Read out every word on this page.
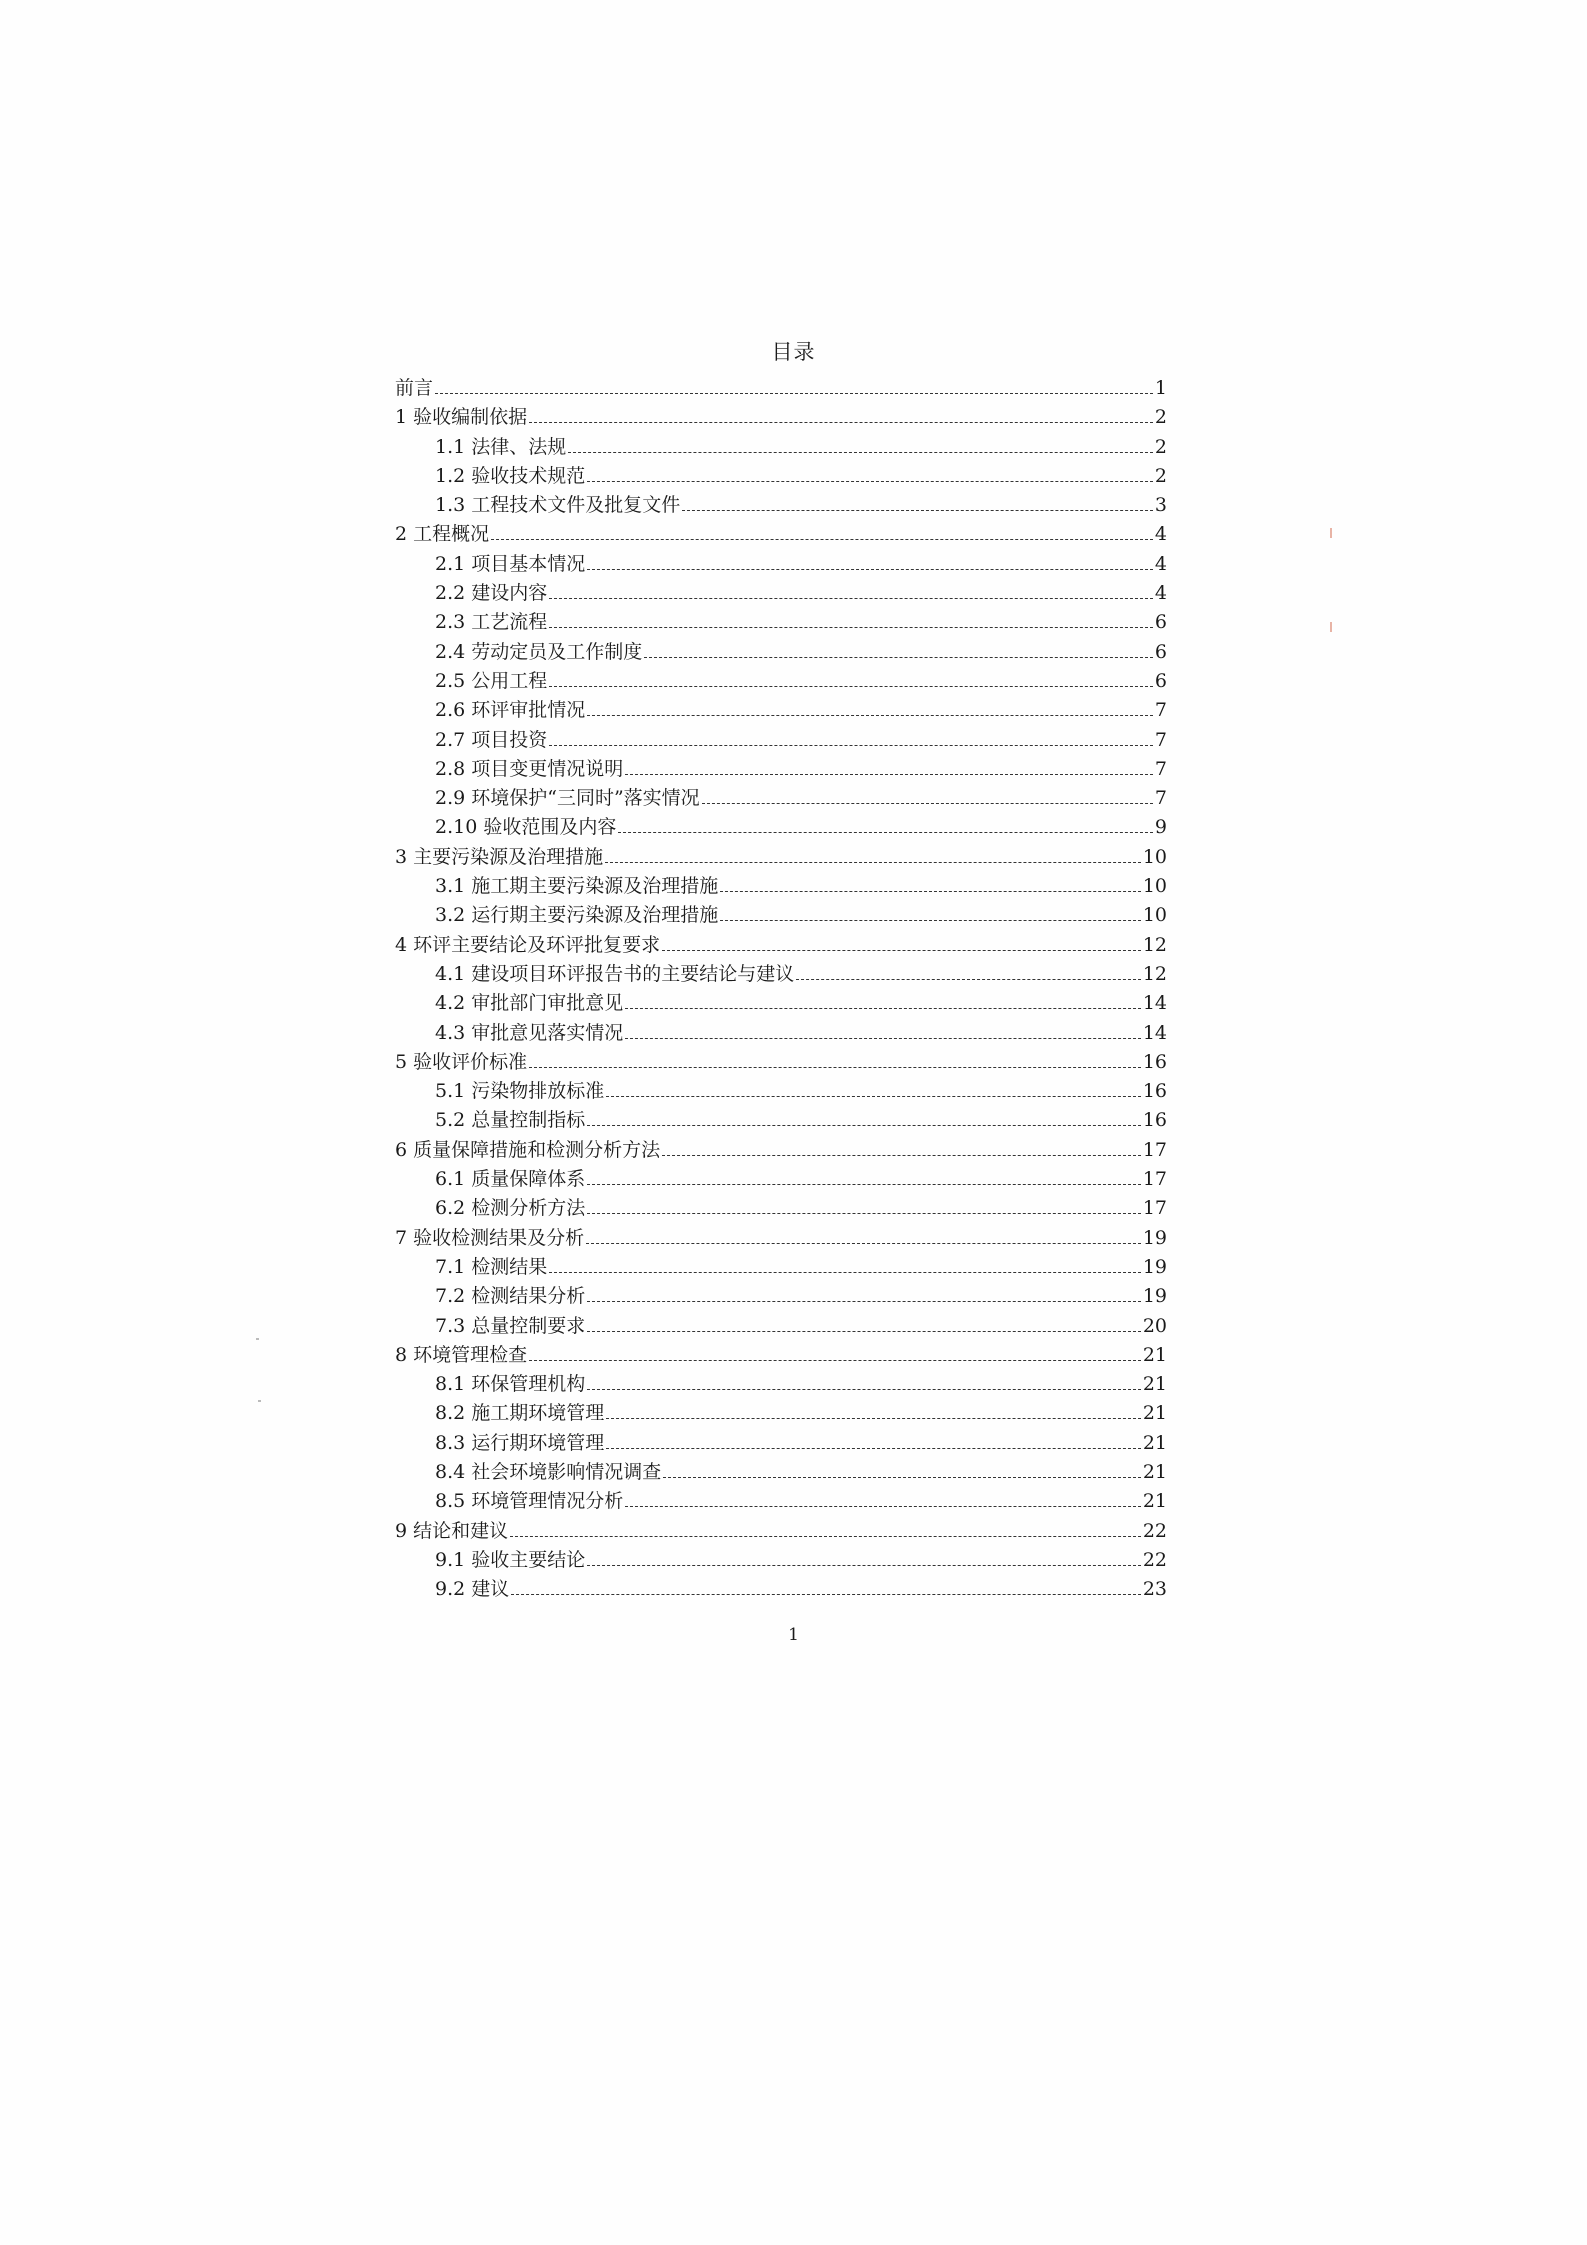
目录
前言	1
1 验收编制依据	2
1.1 法律、法规	2
1.2 验收技术规范	2
1.3 工程技术文件及批复文件	3
2 工程概况	4
2.1 项目基本情况	4
2.2 建设内容	4
2.3 工艺流程	6
2.4 劳动定员及工作制度	6
2.5 公用工程	6
2.6 环评审批情况	7
2.7 项目投资	7
2.8 项目变更情况说明	7
2.9 环境保护“三同时”落实情况	7
2.10 验收范围及内容	9
3 主要污染源及治理措施	10
3.1 施工期主要污染源及治理措施	10
3.2 运行期主要污染源及治理措施	10
4 环评主要结论及环评批复要求	12
4.1 建设项目环评报告书的主要结论与建议	12
4.2 审批部门审批意见	14
4.3 审批意见落实情况	14
5 验收评价标准	16
5.1 污染物排放标准	16
5.2 总量控制指标	16
6 质量保障措施和检测分析方法	17
6.1 质量保障体系	17
6.2 检测分析方法	17
7 验收检测结果及分析	19
7.1 检测结果	19
7.2 检测结果分析	19
7.3 总量控制要求	20
8 环境管理检查	21
8.1 环保管理机构	21
8.2 施工期环境管理	21
8.3 运行期环境管理	21
8.4 社会环境影响情况调查	21
8.5 环境管理情况分析	21
9 结论和建议	22
9.1 验收主要结论	22
9.2 建议	23
1
